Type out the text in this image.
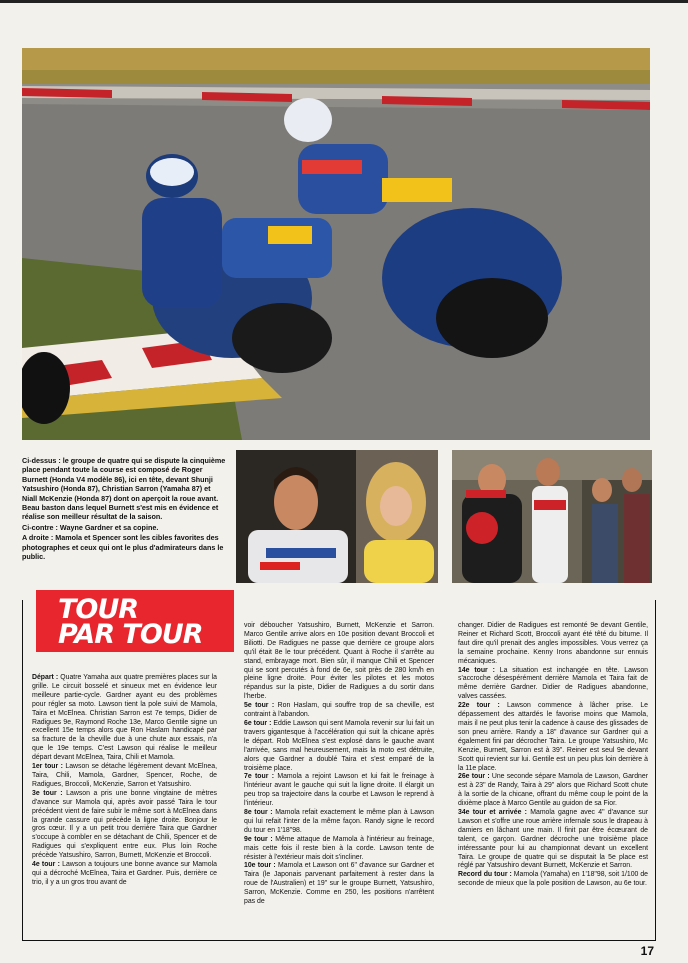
Ci-dessus : le groupe de quatre qui se dispute la cinquième place pendant toute la course est composé de Roger Burnett (Honda V4 modèle 86), ici en tête, devant Shunji Yatsushiro (Honda 87), Christian Sarron (Yamaha 87) et Niall McKenzie (Honda 87) dont on aperçoit la roue avant. Beau baston dans lequel Burnett s'est mis en évidence et réalise son meilleur résultat de la saison.

Ci-contre : Wayne Gardner et sa copine.

A droite : Mamola et Spencer sont les cibles favorites des photographes et ceux qui ont le plus d'admirateurs dans le public.

TOUR
PAR TOUR

Départ : Quatre Yamaha aux quatre premières places sur la grille. Le circuit bosselé et sinueux met en évidence leur meilleure partie-cycle. Gardner ayant eu des problèmes pour régler sa moto. Lawson tient la pole suivi de Mamola, Taira et McElnea. Christian Sarron est 7e temps, Didier de Radigues 9e, Raymond Roche 13e, Marco Gentile signe un excellent 15e temps alors que Ron Haslam handicapé par sa fracture de la cheville due à une chute aux essais, n'a que le 19e temps. C'est Lawson qui réalise le meilleur départ devant McElnea, Taira, Chili et Mamola.

1er tour : Lawson se détache légèrement devant McElnea, Taira, Chili, Mamola, Gardner, Spencer, Roche, de Radigues, Broccoli, McKenzie, Sarron et Yatsushiro.

3e tour : Lawson a pris une bonne vingtaine de mètres d'avance sur Mamola qui, après avoir passé Taira le tour précédent vient de faire subir le même sort à McElnea dans la grande cassure qui précède la ligne droite. Bonjour le gros cœur. Il y a un petit trou derrière Taira que Gardner s'occupe à combler en se détachant de Chili, Spencer et de Radigues qui s'expliquent entre eux. Plus loin Roche précède Yatsushiro, Sarron, Burnett, McKenzie et Broccoli.

4e tour : Lawson a toujours une bonne avance sur Mamola qui a décroché McElnea, Taira et Gardner. Puis, derrière ce trio, il y a un gros trou avant de

voir déboucher Yatsushiro, Burnett, McKenzie et Sarron. Marco Gentile arrive alors en 10e position devant Broccoli et Biliotti. De Radigues ne passe que derrière ce groupe alors qu'il était 8e le tour précédent. Quant à Roche il s'arrête au stand, embrayage mort. Bien sûr, il manque Chili et Spencer qui se sont percutés à fond de 6e, soit près de 280 km/h en pleine ligne droite. Pour éviter les pilotes et les motos répandus sur la piste, Didier de Radigues a du sortir dans l'herbe.

5e tour : Ron Haslam, qui souffre trop de sa cheville, est contraint à l'abandon.

6e tour : Eddie Lawson qui sent Mamola revenir sur lui fait un travers gigantesque à l'accélération qui suit la chicane après le départ. Rob McElnea s'est explosé dans le gauche avant l'arrivée, sans mal heureusement, mais la moto est détruite, alors que Gardner a doublé Taira et s'est emparé de la troisième place.

7e tour : Mamola a rejoint Lawson et lui fait le freinage à l'intérieur avant le gauche qui suit la ligne droite. Il élargit un peu trop sa trajectoire dans la courbe et Lawson le reprend à l'intérieur.

8e tour : Mamola refait exactement le même plan à Lawson qui lui refait l'inter de la même façon. Randy signe le record du tour en 1'18"98.

9e tour : Même attaque de Mamola à l'intérieur au freinage, mais cette fois il reste bien à la corde. Lawson tente de résister à l'extérieur mais doit s'incliner.

10e tour : Mamola et Lawson ont 6" d'avance sur Gardner et Taira (le Japonais parvenant parfaitement à rester dans la roue de l'Australien) et 19" sur le groupe Burnett, Yatsushiro, Sarron, McKenzie. Comme en 250, les positions n'arrêtent pas de

changer. Didier de Radigues est remonté 9e devant Gentile, Reiner et Richard Scott, Broccoli ayant été têté du bitume. Il faut dire qu'il prenait des angles impossibles. Vous verrez ça la semaine prochaine. Kenny Irons abandonne sur ennuis mécaniques.

14e tour : La situation est inchangée en tête. Lawson s'accroche désespérément derrière Mamola et Taira fait de même derrière Gardner. Didier de Radigues abandonne, valves cassées.

22e tour : Lawson commence à lâcher prise. Le dépassement des attardés le favorise moins que Mamola, mais il ne peut plus tenir la cadence à cause des glissades de son pneu arrière. Randy a 18" d'avance sur Gardner qui a également fini par décrocher Taira. Le groupe Yatsushiro, Mc Kenzie, Burnett, Sarron est à 39". Reiner est seul 9e devant Scott qui revient sur lui. Gentile est un peu plus loin derrière à la 11e place.

26e tour : Une seconde sépare Mamola de Lawson, Gardner est à 23" de Randy, Taira à 29" alors que Richard Scott chute à la sortie de la chicane, offrant du même coup le point de la dixième place à Marco Gentile au guidon de sa Fior.

34e tour et arrivée : Mamola gagne avec 4" d'avance sur Lawson et s'offre une roue arrière infernale sous le drapeau à damiers en lâchant une main. Il finit par être écœurant de talent, ce garçon. Gardner décroche une troisième place intéressante pour lui au championnat devant un excellent Taira. Le groupe de quatre qui se disputait la 5e place est réglé par Yatsushiro devant Burnett, McKenzie et Sarron.

Record du tour : Mamola (Yamaha) en 1'18"98, soit 1/100 de seconde de mieux que la pole position de Lawson, au 6e tour.

17
